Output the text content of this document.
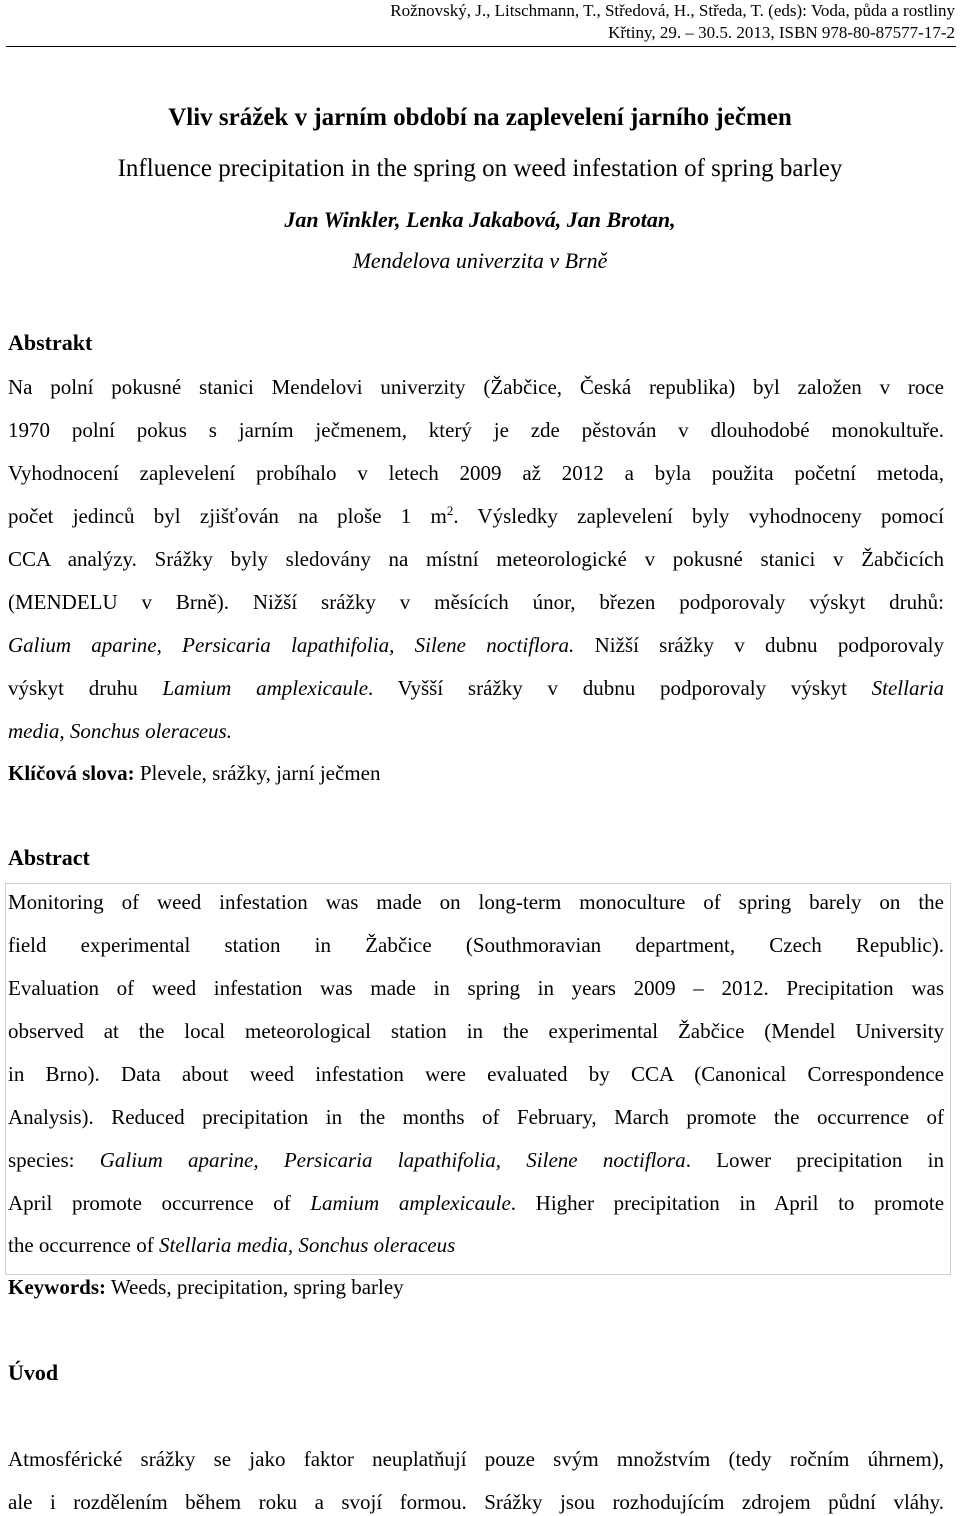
Rožnovský, J., Litschmann, T., Středová, H., Středa, T. (eds): Voda, půda a rostliny
Křtiny, 29. – 30.5. 2013, ISBN 978-80-87577-17-2
Vliv srážek v jarním období na zaplevelení jarního ječmen
Influence precipitation in the spring on weed infestation of spring barley
Jan Winkler, Lenka Jakabová, Jan Brotan,
Mendelova univerzita v Brně
Abstrakt
Na polní pokusné stanici Mendelovi univerzity (Žabčice, Česká republika) byl založen v roce
1970 polní pokus s jarním ječmenem, který je zde pěstován v dlouhodobé monokultuře.
Vyhodnocení zaplevelení probíhalo v letech 2009 až 2012 a byla použita početní metoda,
počet jedinců byl zjišťován na ploše 1 $m^2$. Výsledky zaplevelení byly vyhodnoceny pomocí
CCA analýzy. Srážky byly sledovány na místní meteorologické v pokusné stanici v Žabčicích
(MENDELU v Brně). Nižší srážky v měsících únor, březen podporovaly výskyt druhů:
Galium aparine, Persicaria lapathifolia, Silene noctiflora. Nižší srážky v dubnu podporovaly
výskyt druhu Lamium amplexicaule. Vyšší srážky v dubnu podporovaly výskyt Stellaria
media, Sonchus oleraceus.
Klíčová slova: Plevele, srážky, jarní ječmen
Abstract
Monitoring of weed infestation was made on long-term monoculture of spring barely on the
field experimental station in Žabčice (Southmoravian department, Czech Republic).
Evaluation of weed infestation was made in spring in years 2009 – 2012. Precipitation was
observed at the local meteorological station in the experimental Žabčice (Mendel University
in Brno). Data about weed infestation were evaluated by CCA (Canonical Correspondence
Analysis). Reduced precipitation in the months of February, March promote the occurrence of
species: Galium aparine, Persicaria lapathifolia, Silene noctiflora. Lower precipitation in
April promote occurrence of Lamium amplexicaule. Higher precipitation in April to promote
the occurrence of Stellaria media, Sonchus oleraceus
Keywords: Weeds, precipitation, spring barley
Úvod
Atmosférické srážky se jako faktor neuplatňují pouze svým množstvím (tedy ročním úhrnem),
ale i rozdělením během roku a svojí formou. Srážky jsou rozhodujícím zdrojem půdní vláhy.
